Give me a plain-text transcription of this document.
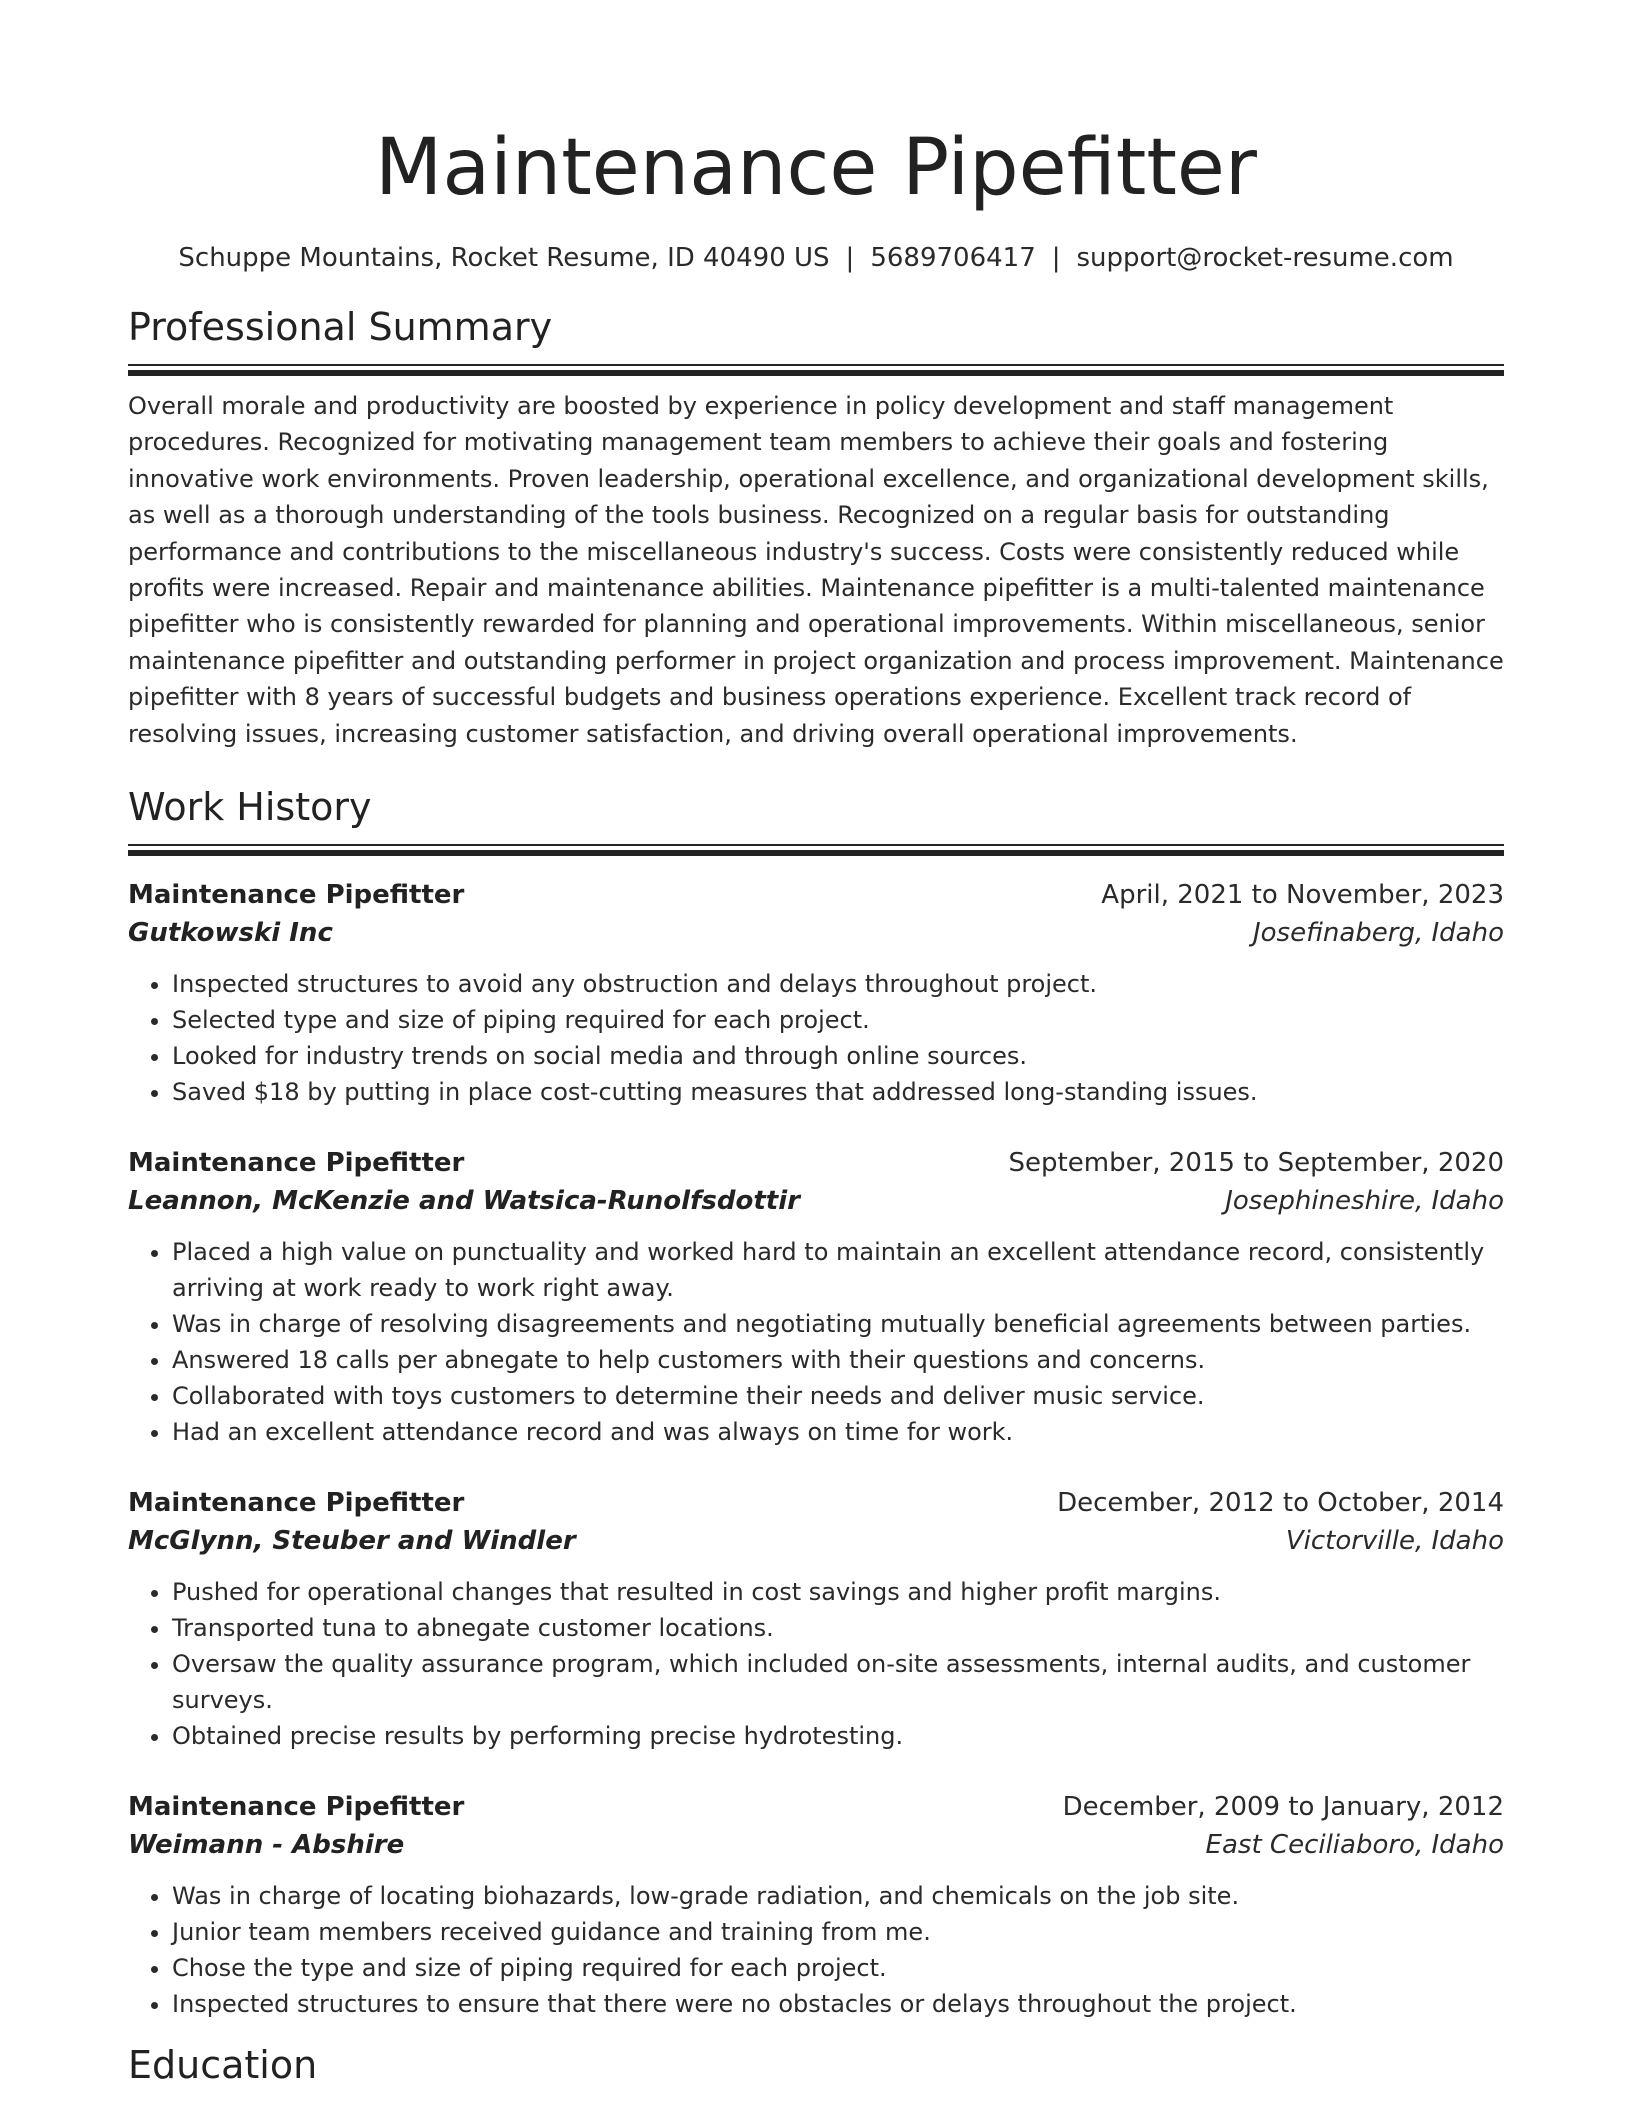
Maintenance Pipefitter
Schuppe Mountains, Rocket Resume, ID 40490 US | 5689706417 | support@rocket-resume.com
Professional Summary

Overall morale and productivity are boosted by experience in policy development and staff management procedures. Recognized for motivating management team members to achieve their goals and fostering innovative work environments. Proven leadership, operational excellence, and organizational development skills, as well as a thorough understanding of the tools business. Recognized on a regular basis for outstanding performance and contributions to the miscellaneous industry's success. Costs were consistently reduced while profits were increased. Repair and maintenance abilities. Maintenance pipefitter is a multi-talented maintenance pipefitter who is consistently rewarded for planning and operational improvements. Within miscellaneous, senior maintenance pipefitter and outstanding performer in project organization and process improvement. Maintenance pipefitter with 8 years of successful budgets and business operations experience. Excellent track record of resolving issues, increasing customer satisfaction, and driving overall operational improvements.

Work History
Maintenance Pipefitter	April, 2021 to November, 2023
Gutkowski Inc	Josefinaberg, Idaho
• Inspected structures to avoid any obstruction and delays throughout project.
• Selected type and size of piping required for each project.
• Looked for industry trends on social media and through online sources.
• Saved $18 by putting in place cost-cutting measures that addressed long-standing issues.
Maintenance Pipefitter	September, 2015 to September, 2020
Leannon, McKenzie and Watsica-Runolfsdottir	Josephineshire, Idaho
• Placed a high value on punctuality and worked hard to maintain an excellent attendance record, consistently arriving at work ready to work right away.
• Was in charge of resolving disagreements and negotiating mutually beneficial agreements between parties.
• Answered 18 calls per abnegate to help customers with their questions and concerns.
• Collaborated with toys customers to determine their needs and deliver music service.
• Had an excellent attendance record and was always on time for work.
Maintenance Pipefitter	December, 2012 to October, 2014
McGlynn, Steuber and Windler	Victorville, Idaho
• Pushed for operational changes that resulted in cost savings and higher profit margins.
• Transported tuna to abnegate customer locations.
• Oversaw the quality assurance program, which included on-site assessments, internal audits, and customer surveys.
• Obtained precise results by performing precise hydrotesting.
Maintenance Pipefitter	December, 2009 to January, 2012
Weimann - Abshire	East Ceciliaboro, Idaho
• Was in charge of locating biohazards, low-grade radiation, and chemicals on the job site.
• Junior team members received guidance and training from me.
• Chose the type and size of piping required for each project.
• Inspected structures to ensure that there were no obstacles or delays throughout the project.
Education
